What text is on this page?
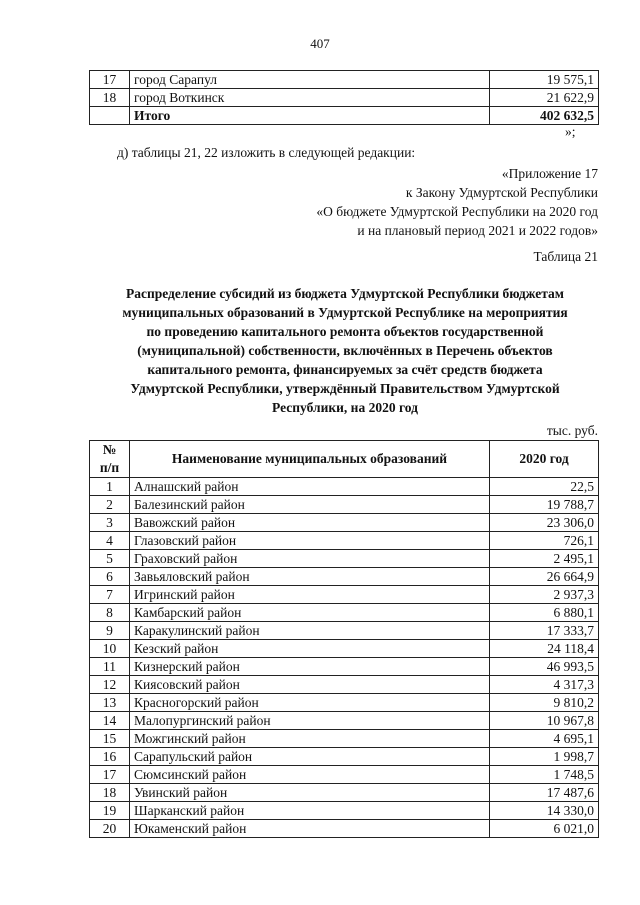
407
17	город Сарапул	19 575,1
18	город Воткинск	21 622,9
	Итого	402 632,5
»;
д) таблицы 21, 22 изложить в следующей редакции:
«Приложение 17
к Закону Удмуртской Республики
«О бюджете Удмуртской Республики на 2020 год
и на плановый период 2021 и 2022 годов»
Таблица 21
Распределение субсидий из бюджета Удмуртской Республики бюджетам
муниципальных образований в Удмуртской Республике на мероприятия
по проведению капитального ремонта объектов государственной
(муниципальной) собственности, включённых в Перечень объектов
капитального ремонта, финансируемых за счёт средств бюджета
Удмуртской Республики, утверждённый Правительством Удмуртской
Республики, на 2020 год
тыс. руб.
№
п/п	Наименование муниципальных образований	2020 год
1	Алнашский район	22,5
2	Балезинский район	19 788,7
3	Вавожский район	23 306,0
4	Глазовский район	726,1
5	Граховский район	2 495,1
6	Завьяловский район	26 664,9
7	Игринский район	2 937,3
8	Камбарский район	6 880,1
9	Каракулинский район	17 333,7
10	Кезский район	24 118,4
11	Кизнерский район	46 993,5
12	Киясовский район	4 317,3
13	Красногорский район	9 810,2
14	Малопургинский район	10 967,8
15	Можгинский район	4 695,1
16	Сарапульский район	1 998,7
17	Сюмсинский район	1 748,5
18	Увинский район	17 487,6
19	Шарканский район	14 330,0
20	Юкаменский район	6 021,0
